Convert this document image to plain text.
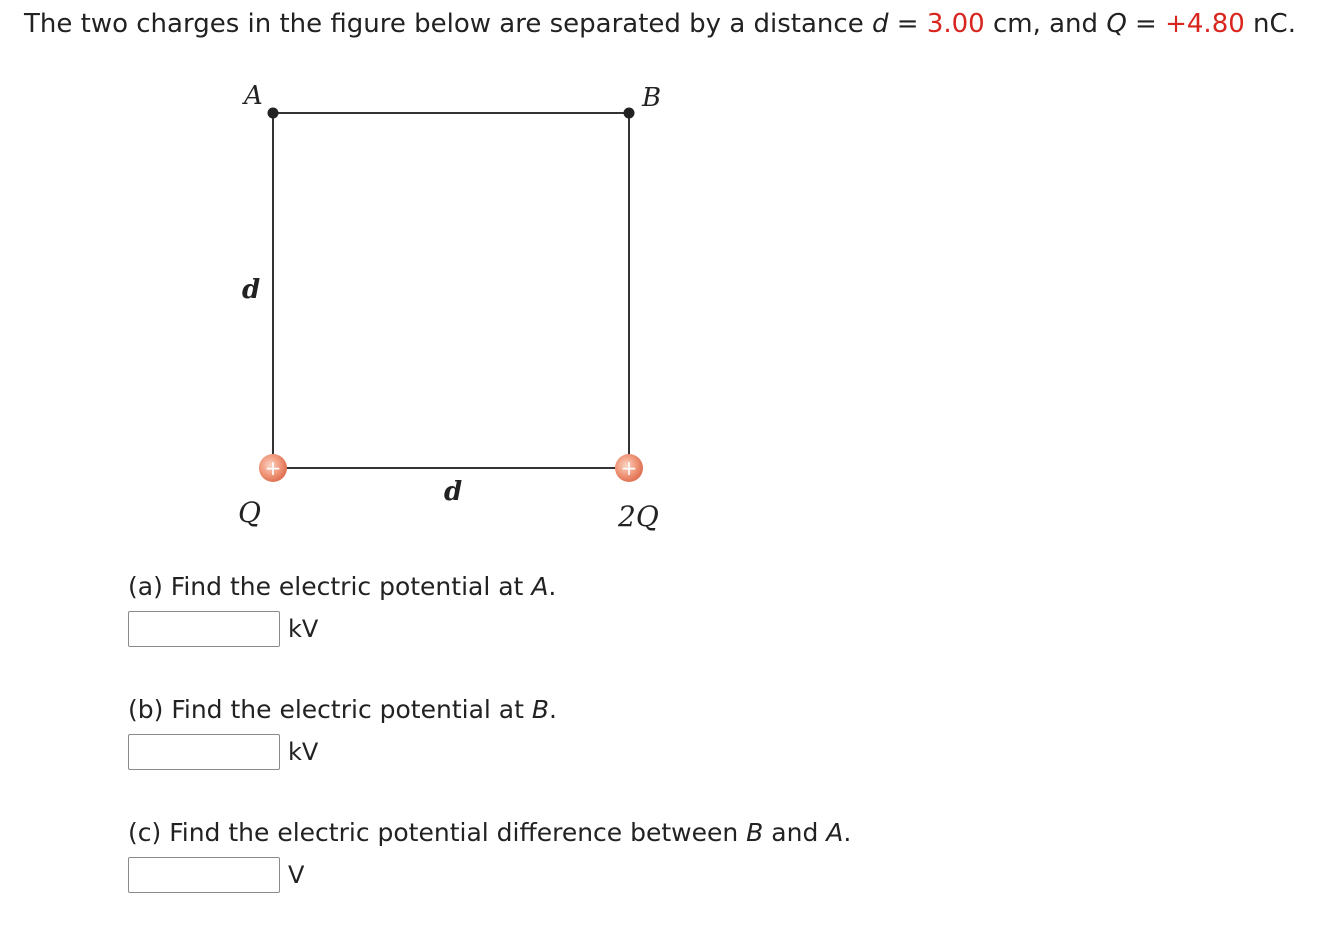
The two charges in the figure below are separated by a distance d = 3.00 cm, and Q = +4.80 nC.
A	B
d
d
+	+
Q	2Q
(a) Find the electric potential at A.
kV
(b) Find the electric potential at B.
kV
(c) Find the electric potential difference between B and A.
V
